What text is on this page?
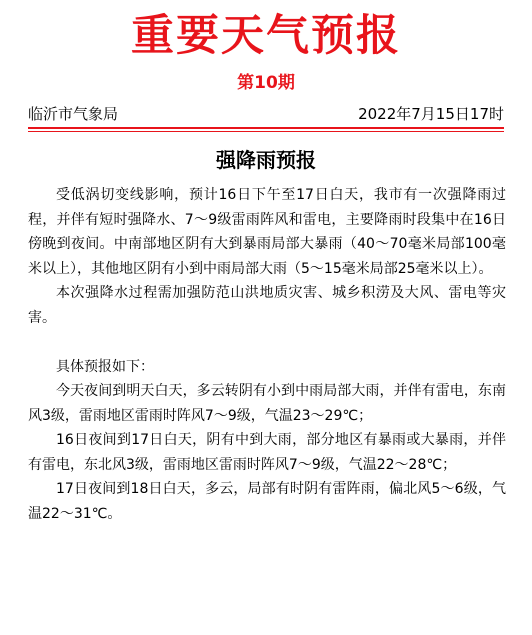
重要天气预报
第10期
临沂市气象局	2022年7月15日17时
强降雨预报

受低涡切变线影响，预计16日下午至17日白天，我市有一次强降雨过程，并伴有短时强降水、7～9级雷雨阵风和雷电，主要降雨时段集中在16日傍晚到夜间。中南部地区阴有大到暴雨局部大暴雨（40～70毫米局部100毫米以上），其他地区阴有小到中雨局部大雨（5～15毫米局部25毫米以上）。

本次强降水过程需加强防范山洪地质灾害、城乡积涝及大风、雷电等灾害。

具体预报如下：

今天夜间到明天白天，多云转阴有小到中雨局部大雨，并伴有雷电，东南风3级，雷雨地区雷雨时阵风7～9级，气温23～29℃；

16日夜间到17日白天，阴有中到大雨，部分地区有暴雨或大暴雨，并伴有雷电，东北风3级，雷雨地区雷雨时阵风7～9级，气温22～28℃；

17日夜间到18日白天，多云，局部有时阴有雷阵雨，偏北风5～6级，气温22～31℃。
